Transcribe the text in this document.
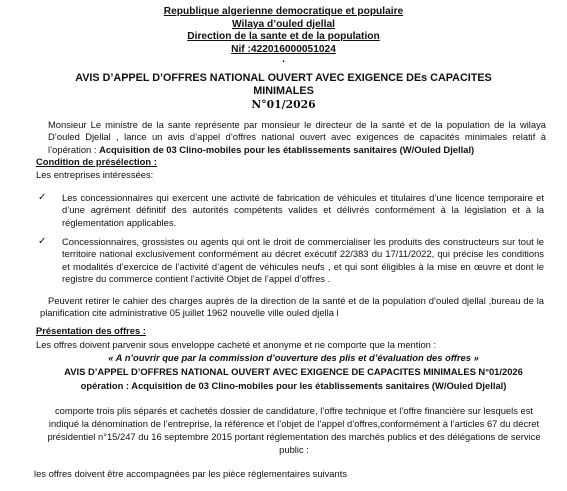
Republique algerienne democratique et populaire
Wilaya d’ouled djellal
Direction de la sante et de la population
Nif :422016000051024
.
AVIS D’APPEL D’OFFRES NATIONAL OUVERT AVEC EXIGENCE DEs CAPACITES
MINIMALES
N°01/2026
Monsieur Le ministre de la sante représente par monsieur le directeur de la santé et de la population de la wilaya D’ouled Djellal , lance un avis d’appel d’offres national ouvert avec exigences de capacités minimales relatif à l’opération : Acquisition de 03 Clino-mobiles pour les établissements sanitaires (W/Ouled Djellal)
Condition de présélection :
Les entreprises intéressées:
✓ Les concessionnaires qui exercent une activité de fabrication de véhicules et titulaires d’une licence temporaire et d’une agrément définitif des autorités compétents valides et délivrés conformément à la législation et à la réglementation applicables.
✓ Concessionnaires, grossistes ou agents qui ont le droit de commercialiser les produits des constructeurs sur tout le territoire national exclusivement conformément au décret exécutif 22/383 du 17/11/2022, qui précise les conditions et modalités d’exercice de l’activité d’agent de véhicules neufs , et qui sont éligibles à la mise en œuvre et dont le registre du commerce contient l’activité Objet de l’appel d’offres .
Peuvent retirer le cahier des charges auprès de la direction de la santé et de la population d’ouled djellal ,bureau de la planification cite administrative 05 juillet 1962 nouvelle ville ouled djella l
Présentation des offres :
Les offres doivent parvenir sous enveloppe cacheté et anonyme et ne comporte que la mention :
« A n’ouvrir que par la commission d’ouverture des plis et d’évaluation des offres »
AVIS D’APPEL D’OFFRES NATIONAL OUVERT AVEC EXIGENCE DE CAPACITES MINIMALES N°01/2026
opération : Acquisition de 03 Clino-mobiles pour les établissements sanitaires (W/Ouled Djellal)
comporte trois plis séparés et cachetés dossier de candidature, l’offre technique et l’offre financière sur lesquels est indiqué la dénomination de l’entreprise, la référence et l’objet de l’appel d’offres,conformément à l’articles 67 du décret présidentiel n°15/247 du 16 septembre 2015 portant réglementation des marchés publics et des délégations de service public :
les offres doivent être accompagnées par les pièce réglementaires suivants
